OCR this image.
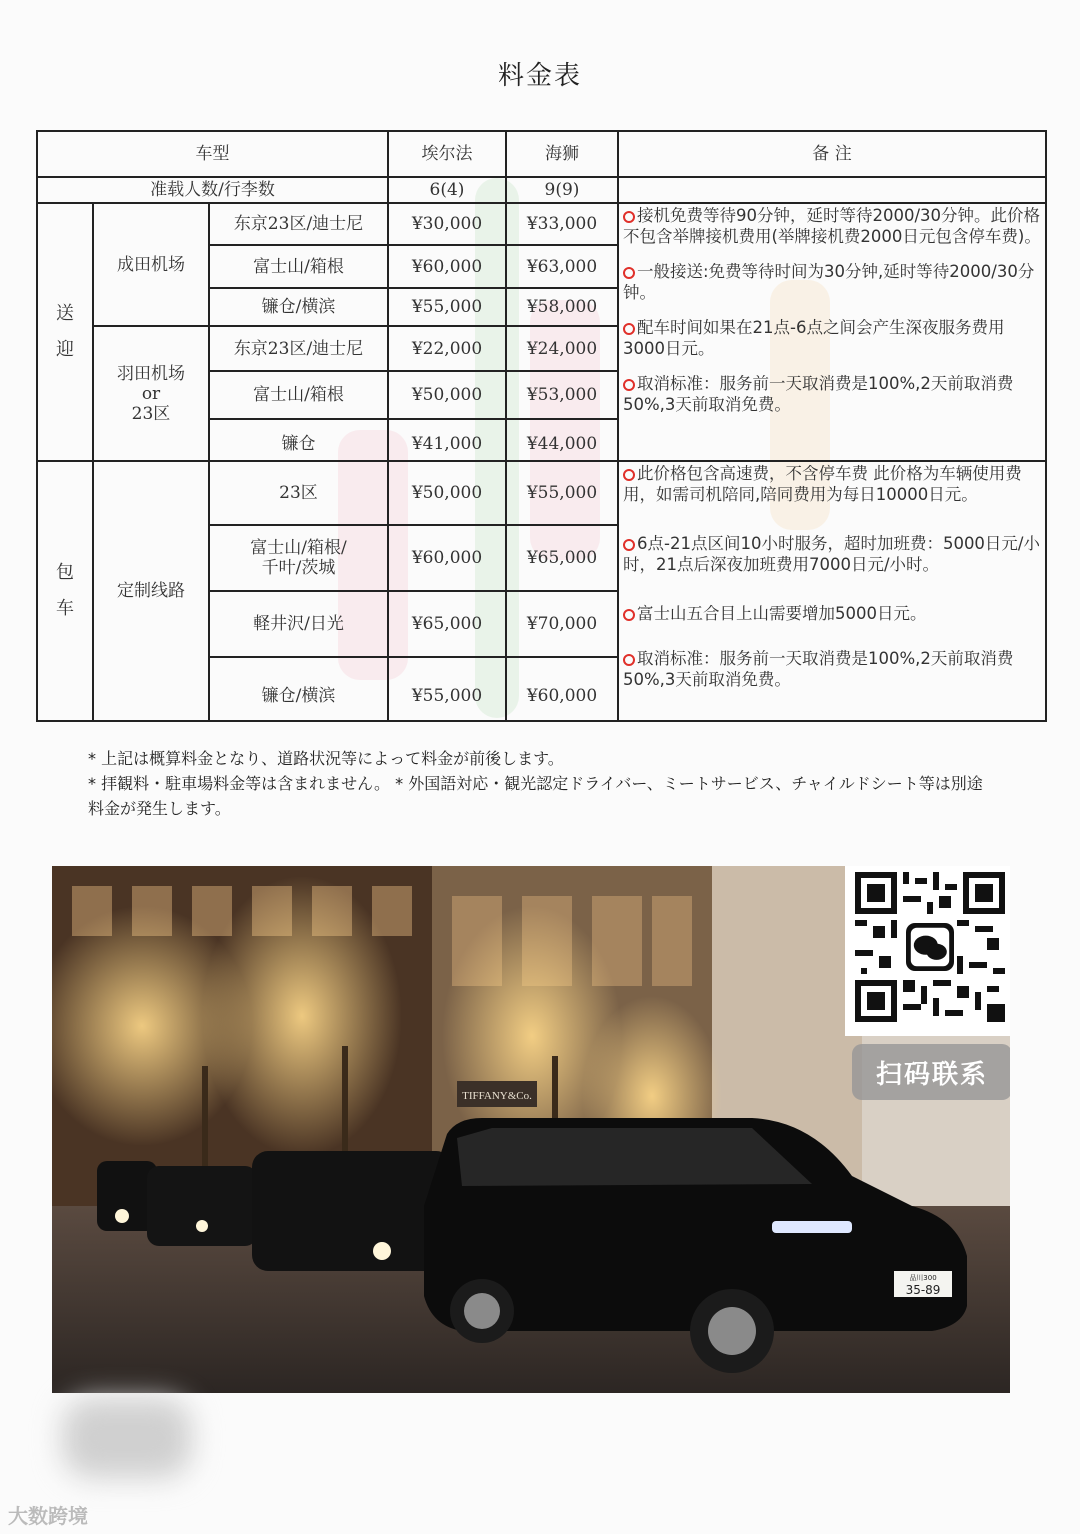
料金表
车型	埃尔法	海狮	备 注
准载人数/行李数	6(4)	9(9)
送
迎
成田机场
羽田机场
or
23区
东京23区/迪士尼	¥30,000	¥33,000
富士山/箱根	¥60,000	¥63,000
镰仓/横滨	¥55,000	¥58,000
东京23区/迪士尼	¥22,000	¥24,000
富士山/箱根	¥50,000	¥53,000
镰仓	¥41,000	¥44,000

接机免费等待90分钟，延时等待2000/30分钟。此价格不包含举牌接机费用(举牌接机费2000日元包含停车费)。

一般接送:免费等待时间为30分钟,延时等待2000/30分钟。

配车时间如果在21点-6点之间会产生深夜服务费用3000日元。

取消标准：服务前一天取消费是100%,2天前取消费50%,3天前取消免费。

包
车
定制线路
23区	¥50,000	¥55,000
富士山/箱根/
千叶/茨城	¥60,000	¥65,000
軽井沢/日光	¥65,000	¥70,000
镰仓/横滨	¥55,000	¥60,000

此价格包含高速费，不含停车费 此价格为车辆使用费用，如需司机陪同,陪同费用为每日10000日元。

6点-21点区间10小时服务，超时加班费：5000日元/小时，21点后深夜加班费用7000日元/小时。

富士山五合目上山需要增加5000日元。

取消标准：服务前一天取消费是100%,2天前取消费50%,3天前取消免费。

* 上記は概算料金となり、道路状況等によって料金が前後します。

* 拝観料・駐車場料金等は含まれません。 * 外国語対応・観光認定ドライバー、ミートサービス、チャイルドシート等は別途料金が発生します。

TIFFANY&Co.
品川300
35-89
扫码联系
大数跨境
